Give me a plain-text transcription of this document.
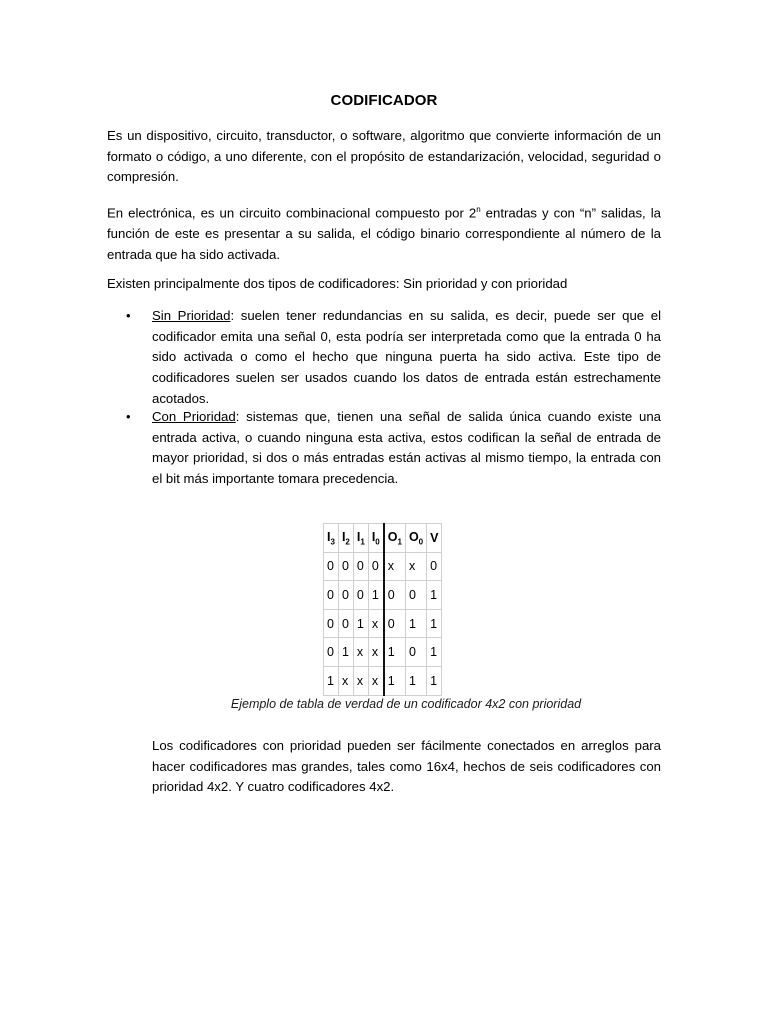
CODIFICADOR

Es un dispositivo, circuito, transductor, o software, algoritmo que convierte información de un formato o código, a uno diferente, con el propósito de estandarización, velocidad, seguridad o compresión.

En electrónica, es un circuito combinacional compuesto por 2$^n$ entradas y con “n” salidas, la función de este es presentar a su salida, el código binario correspondiente al número de la entrada que ha sido activada.

Existen principalmente dos tipos de codificadores: Sin prioridad y con prioridad

• Sin Prioridad: suelen tener redundancias en su salida, es decir, puede ser que el codificador emita una señal 0, esta podría ser interpretada como que la entrada 0 ha sido activada o como el hecho que ninguna puerta ha sido activa. Este tipo de codificadores suelen ser usados cuando los datos de entrada están estrechamente acotados.

• Con Prioridad: sistemas que, tienen una señal de salida única cuando existe una entrada activa, o cuando ninguna esta activa, estos codifican la señal de entrada de mayor prioridad, si dos o más entradas están activas al mismo tiempo, la entrada con el bit más importante tomara precedencia.

$I_3$	$I_2$	$I_1$	$I_0$	$O_1$	$O_0$	V
0	0	0	0	x	x	0
0	0	0	1	0	0	1
0	0	1	x	0	1	1
0	1	x	x	1	0	1
1	x	x	x	1	1	1
Ejemplo de tabla de verdad de un codificador 4x2 con prioridad

Los codificadores con prioridad pueden ser fácilmente conectados en arreglos para hacer codificadores mas grandes, tales como 16x4, hechos de seis codificadores con prioridad 4x2. Y cuatro codificadores 4x2.
